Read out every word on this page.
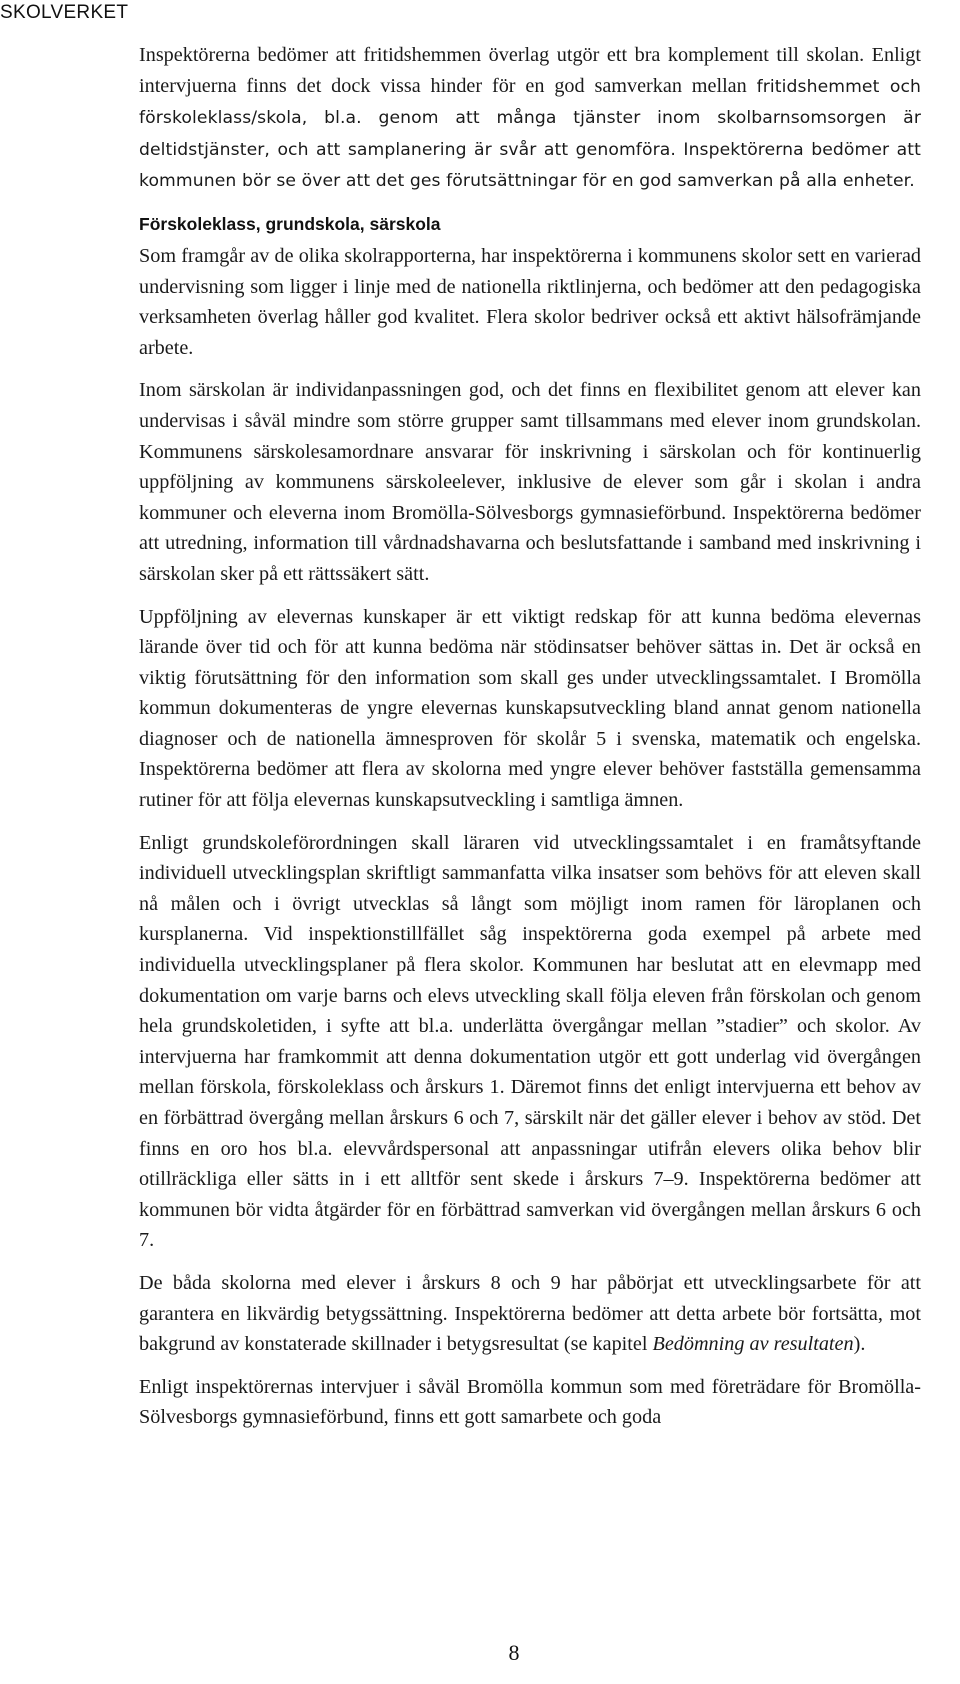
SKOLVERKET

Inspektörerna bedömer att fritidshemmen överlag utgör ett bra komplement till skolan. Enligt intervjuerna finns det dock vissa hinder för en god samverkan mellan fritidshemmet och förskoleklass/skola, bl.a. genom att många tjänster inom skolbarnsomsorgen är deltidstjänster, och att samplanering är svår att genomföra. Inspektörerna bedömer att kommunen bör se över att det ges förutsättningar för en god samverkan på alla enheter.

Förskoleklass, grundskola, särskola

Som framgår av de olika skolrapporterna, har inspektörerna i kommunens skolor sett en varierad undervisning som ligger i linje med de nationella riktlinjerna, och bedömer att den pedagogiska verksamheten överlag håller god kvalitet. Flera skolor bedriver också ett aktivt hälsofrämjande arbete.

Inom särskolan är individanpassningen god, och det finns en flexibilitet genom att elever kan undervisas i såväl mindre som större grupper samt tillsammans med elever inom grundskolan. Kommunens särskolesamordnare ansvarar för inskrivning i särskolan och för kontinuerlig uppföljning av kommunens särskoleelever, inklusive de elever som går i skolan i andra kommuner och eleverna inom Bromölla-Sölvesborgs gymnasieförbund. Inspektörerna bedömer att utredning, information till vårdnadshavarna och beslutsfattande i samband med inskrivning i särskolan sker på ett rättssäkert sätt.

Uppföljning av elevernas kunskaper är ett viktigt redskap för att kunna bedöma elevernas lärande över tid och för att kunna bedöma när stödinsatser behöver sättas in. Det är också en viktig förutsättning för den information som skall ges under utvecklingssamtalet. I Bromölla kommun dokumenteras de yngre elevernas kunskapsutveckling bland annat genom nationella diagnoser och de nationella ämnesproven för skolår 5 i svenska, matematik och engelska. Inspektörerna bedömer att flera av skolorna med yngre elever behöver fastställa gemensamma rutiner för att följa elevernas kunskapsutveckling i samtliga ämnen.

Enligt grundskoleförordningen skall läraren vid utvecklingssamtalet i en framåtsyftande individuell utvecklingsplan skriftligt sammanfatta vilka insatser som behövs för att eleven skall nå målen och i övrigt utvecklas så långt som möjligt inom ramen för läroplanen och kursplanerna. Vid inspektionstillfället såg inspektörerna goda exempel på arbete med individuella utvecklingsplaner på flera skolor. Kommunen har beslutat att en elevmapp med dokumentation om varje barns och elevs utveckling skall följa eleven från förskolan och genom hela grundskoletiden, i syfte att bl.a. underlätta övergångar mellan ”stadier” och skolor. Av intervjuerna har framkommit att denna dokumentation utgör ett gott underlag vid övergången mellan förskola, förskoleklass och årskurs 1. Däremot finns det enligt intervjuerna ett behov av en förbättrad övergång mellan årskurs 6 och 7, särskilt när det gäller elever i behov av stöd. Det finns en oro hos bl.a. elevvårdspersonal att anpassningar utifrån elevers olika behov blir otillräckliga eller sätts in i ett alltför sent skede i årskurs 7–9. Inspektörerna bedömer att kommunen bör vidta åtgärder för en förbättrad samverkan vid övergången mellan årskurs 6 och 7.

De båda skolorna med elever i årskurs 8 och 9 har påbörjat ett utvecklingsarbete för att garantera en likvärdig betygssättning. Inspektörerna bedömer att detta arbete bör fortsätta, mot bakgrund av konstaterade skillnader i betygsresultat (se kapitel Bedömning av resultaten).

Enligt inspektörernas intervjuer i såväl Bromölla kommun som med företrädare för Bromölla-Sölvesborgs gymnasieförbund, finns ett gott samarbete och goda

8
